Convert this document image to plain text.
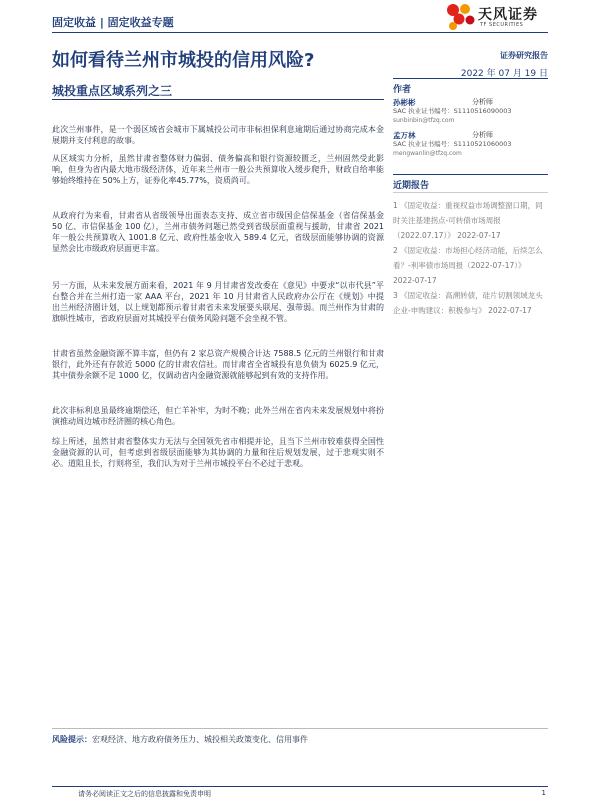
固定收益 | 固定收益专题	天风证券
TF SECURITIES
如何看待兰州市城投的信用风险?
城投重点区域系列之三
证券研究报告
2022 年 07 月 19 日
作者
孙彬彬	分析师
SAC 执业证书编号：S1110516090003
sunbinbin@tfzq.com
孟万林	分析师
SAC 执业证书编号：S1110521060003
mengwanlin@tfzq.com
近期报告
1 《固定收益：重视权益市场调整窗口期，同时关注基建拐点-可转债市场周报（2022.07.17）》 2022-07-17
2 《固定收益：市场担心经济动能，后续怎么看？-利率债市场周报（2022-07-17）》 2022-07-17
3 《固定收益：高溯转债，硅片切割领域龙头企业-申购建议：积极参与》 2022-07-17
此次兰州事件，是一个弱区域省会城市下属城投公司市非标担保利息逾期后通过协商完成本金展期并支付利息的故事。
从区域实力分析，虽然甘肃省整体财力偏弱、债务偏高和银行资源较匮乏，兰州固然受此影响，但身为省内最大地市级经济体，近年来兰州市一般公共预算收入缓步爬升，财政自给率能够始终维持在 50%上方，证券化率45.77%，资质尚可。
从政府行为来看，甘肃省从省级领导出面表态支持、成立省市级国企信保基金（省信保基金 50 亿、市信保基金 100 亿），兰州市债务问题已然受到省级层面重视与援助，甘肃省 2021 年一般公共预算收入 1001.8 亿元、政府性基金收入 589.4 亿元，省级层面能够协调的资源显然会比市级政府层面更丰富。
另一方面，从未来发展方面来看，2021 年 9 月甘肃省发改委在《意见》中要求“以市代县”平台整合并在兰州打造一家 AAA 平台，2021 年 10 月甘肃省人民政府办公厅在《规划》中提出兰州经济圈计划，以上规划都预示着甘肃省未来发展要头联尾、强带弱。而兰州作为甘肃的旗帜性城市，省政府层面对其城投平台债务风险问题不会坐视不管。
甘肃省虽然金融资源不算丰富，但仍有 2 家总资产规模合计达 7588.5 亿元的兰州银行和甘肃银行，此外还有存款近 5000 亿的甘肃农信社。而甘肃省全省城投有息负债为 6025.9 亿元，其中债券余额不足 1000 亿，仅调动省内金融资源就能够起到有效的支持作用。
此次非标利息虽最终逾期偿还，但亡羊补牢，为时不晚；此外兰州在省内未来发展规划中将扮演推动周边城市经济圈的核心角色。
综上所述，虽然甘肃省整体实力无法与全国领先省市相提并论，且当下兰州市较难获得全国性金融资源的认可，但考虑到省级层面能够为其协调的力量和往后规划发展，过于悲观实则不必。道阻且长，行则将至，我们认为对于兰州市城投平台不必过于悲观。
风险提示：宏观经济、地方政府债务压力、城投相关政策变化、信用事件
请务必阅读正文之后的信息披露和免责申明	1
